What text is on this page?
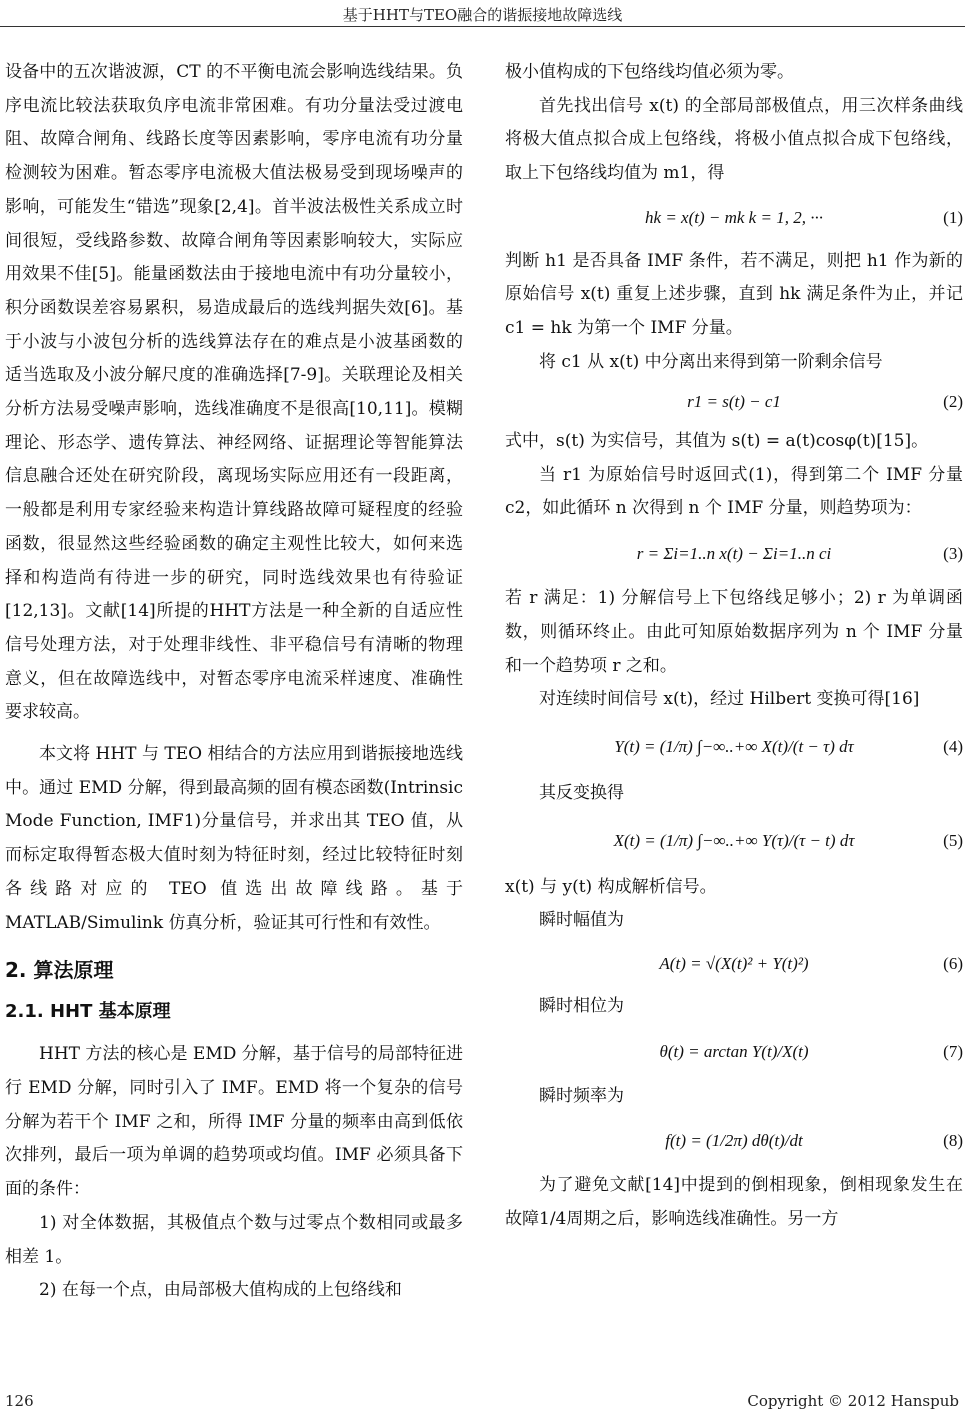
基于HHT与TEO融合的谐振接地故障选线

设备中的五次谐波源，CT 的不平衡电流会影响选线结果。负序电流比较法获取负序电流非常困难。有功分量法受过渡电阻、故障合闸角、线路长度等因素影响，零序电流有功分量检测较为困难。暂态零序电流极大值法极易受到现场噪声的影响，可能发生“错选”现象[2,4]。首半波法极性关系成立时间很短，受线路参数、故障合闸角等因素影响较大，实际应用效果不佳[5]。能量函数法由于接地电流中有功分量较小，积分函数误差容易累积，易造成最后的选线判据失效[6]。基于小波与小波包分析的选线算法存在的难点是小波基函数的适当选取及小波分解尺度的准确选择[7-9]。关联理论及相关分析方法易受噪声影响，选线准确度不是很高[10,11]。模糊理论、形态学、遗传算法、神经网络、证据理论等智能算法信息融合还处在研究阶段，离现场实际应用还有一段距离，一般都是利用专家经验来构造计算线路故障可疑程度的经验函数，很显然这些经验函数的确定主观性比较大，如何来选择和构造尚有待进一步的研究，同时选线效果也有待验证[12,13]。文献[14]所提的HHT方法是一种全新的自适应性信号处理方法，对于处理非线性、非平稳信号有清晰的物理意义，但在故障选线中，对暂态零序电流采样速度、准确性要求较高。

本文将 HHT 与 TEO 相结合的方法应用到谐振接地选线中。通过 EMD 分解，得到最高频的固有模态函数(Intrinsic Mode Function, IMF1)分量信号，并求出其 TEO 值，从而标定取得暂态极大值时刻为特征时刻，经过比较特征时刻各线路对应的 TEO 值选出故障线路。基于 MATLAB/Simulink 仿真分析，验证其可行性和有效性。

2. 算法原理
2.1. HHT 基本原理

HHT 方法的核心是 EMD 分解，基于信号的局部特征进行 EMD 分解，同时引入了 IMF。EMD 将一个复杂的信号分解为若干个 IMF 之和，所得 IMF 分量的频率由高到低依次排列，最后一项为单调的趋势项或均值。IMF 必须具备下面的条件：

1) 对全体数据，其极值点个数与过零点个数相同或最多相差 1。

2) 在每一个点，由局部极大值构成的上包络线和

极小值构成的下包络线均值必须为零。

首先找出信号 x(t) 的全部局部极值点，用三次样条曲线将极大值点拟合成上包络线，将极小值点拟合成下包络线，取上下包络线均值为 m1，得

hk = x(t) − mk k = 1, 2, ···	(1)

判断 h1 是否具备 IMF 条件，若不满足，则把 h1 作为新的原始信号 x(t) 重复上述步骤，直到 hk 满足条件为止，并记 c1 = hk 为第一个 IMF 分量。

将 c1 从 x(t) 中分离出来得到第一阶剩余信号

r1 = s(t) − c1	(2)

式中，s(t) 为实信号，其值为 s(t) = a(t)cosφ(t)[15]。

当 r1 为原始信号时返回式(1)，得到第二个 IMF 分量 c2，如此循环 n 次得到 n 个 IMF 分量，则趋势项为：

r = Σi=1..n x(t) − Σi=1..n ci	(3)

若 r 满足：1) 分解信号上下包络线足够小；2) r 为单调函数，则循环终止。由此可知原始数据序列为 n 个 IMF 分量和一个趋势项 r 之和。

对连续时间信号 x(t)，经过 Hilbert 变换可得[16]

Y(t) = (1/π) ∫−∞..+∞ X(t)/(t − τ) dτ	(4)

其反变换得

X(t) = (1/π) ∫−∞..+∞ Y(τ)/(τ − t) dτ	(5)

x(t) 与 y(t) 构成解析信号。

瞬时幅值为

A(t) = √(X(t)² + Y(t)²)	(6)

瞬时相位为

θ(t) = arctan Y(t)/X(t)	(7)

瞬时频率为

f(t) = (1/2π) dθ(t)/dt	(8)

为了避免文献[14]中提到的倒相现象，倒相现象发生在故障1/4周期之后，影响选线准确性。另一方

126	Copyright © 2012 Hanspub
